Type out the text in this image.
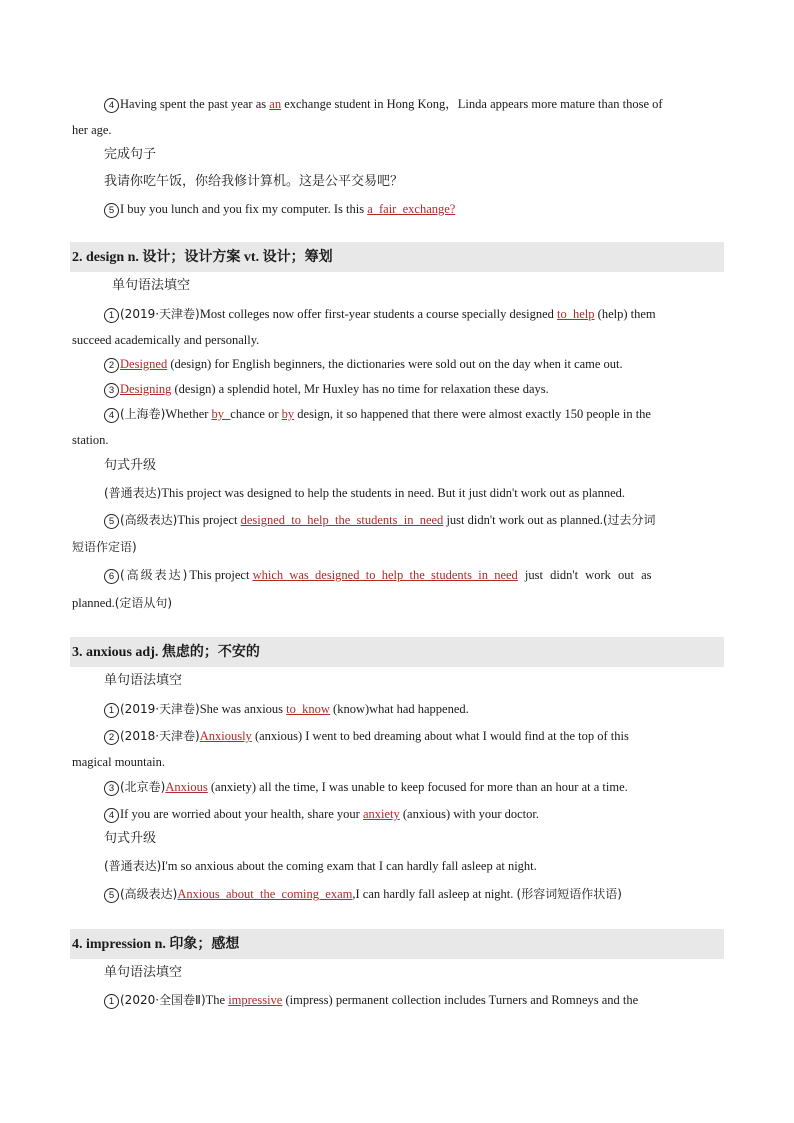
4 Having spent the past year as an exchange student in Hong Kong，Linda appears more mature than those of
her age.
完成句子
我请你吃午饭，你给我修计算机。这是公平交易吧？
5 I buy you lunch and you fix my computer. Is this a_fair_exchange?
2. design n. 设计；设计方案 vt. 设计；筹划
单句语法填空
1 (2019·天津卷)Most colleges now offer first-year students a course specially designed to_help (help) them
succeed academically and personally.
2 Designed (design) for English beginners, the dictionaries were sold out on the day when it came out.
3 Designing (design) a splendid hotel, Mr Huxley has no time for relaxation these days.
4 (上海卷)Whether by_chance or by design, it so happened that there were almost exactly 150 people in the
station.
句式升级
(普通表达)This project was designed to help the students in need. But it just didn't work out as planned.
5 (高级表达)This project designed_to_help_the_students_in_need just didn't work out as planned.(过去分词
短语作定语)
6 (高级表达)This project which_was_designed_to_help_the_students_in_need just didn't work out as
planned.(定语从句)
3. anxious adj. 焦虑的；不安的
单句语法填空
1 (2019·天津卷)She was anxious to_know (know)what had happened.
2 (2018·天津卷)Anxiously (anxious) I went to bed dreaming about what I would find at the top of this
magical mountain.
3 (北京卷)Anxious (anxiety) all the time, I was unable to keep focused for more than an hour at a time.
4 If you are worried about your health, share your anxiety (anxious) with your doctor.
句式升级
(普通表达)I'm so anxious about the coming exam that I can hardly fall asleep at night.
5 (高级表达)Anxious_about_the_coming_exam,I can hardly fall asleep at night. (形容词短语作状语)
4. impression n. 印象；感想
单句语法填空
1 (2020·全国卷Ⅱ)The impressive (impress) permanent collection includes Turners and Romneys and the
